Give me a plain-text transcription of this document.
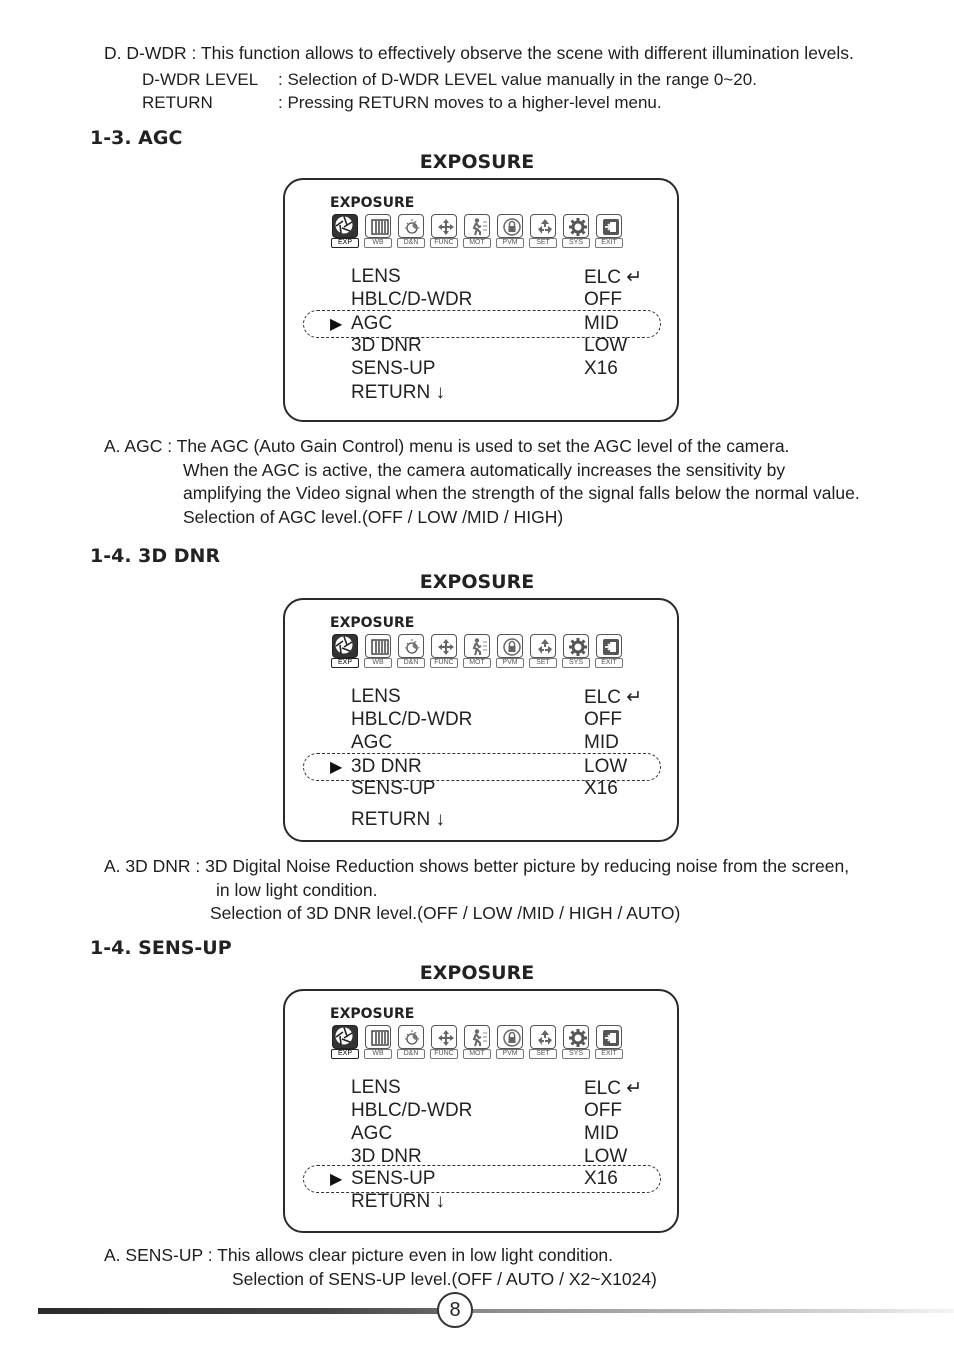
D. D-WDR : This function allows to effectively observe the scene with different illumination levels.
D-WDR LEVEL : Selection of D-WDR LEVEL value manually in the range 0~20.
RETURN	: Pressing RETURN moves to a higher-level menu.
1-3. AGC
EXPOSURE
EXPOSURE
EXP	WB	D&N	FUNC	MOT	PVM	SET	SYS	EXIT
▶
LENS	ELC ↵
HBLC/D-WDR	OFF
AGC	MID
3D DNR	LOW
SENS-UP	X16
RETURN ↓
A. AGC : The AGC (Auto Gain Control) menu is used to set the AGC level of the camera.
When the AGC is active, the camera automatically increases the sensitivity by
amplifying the Video signal when the strength of the signal falls below the normal value.
Selection of AGC level.(OFF / LOW /MID / HIGH)
1-4. 3D DNR
EXPOSURE
EXPOSURE
EXP	WB	D&N	FUNC	MOT	PVM	SET	SYS	EXIT
▶
LENS	ELC ↵
HBLC/D-WDR	OFF
AGC	MID
3D DNR	LOW
SENS-UP	X16
RETURN ↓
A. 3D DNR : 3D Digital Noise Reduction shows better picture by reducing noise from the screen,
in low light condition.
Selection of 3D DNR level.(OFF / LOW /MID / HIGH / AUTO)
1-4. SENS-UP
EXPOSURE
EXPOSURE
EXP	WB	D&N	FUNC	MOT	PVM	SET	SYS	EXIT
▶
LENS	ELC ↵
HBLC/D-WDR	OFF
AGC	MID
3D DNR	LOW
SENS-UP	X16
RETURN ↓
A. SENS-UP : This allows clear picture even in low light condition.
Selection of SENS-UP level.(OFF / AUTO / X2~X1024)
8
